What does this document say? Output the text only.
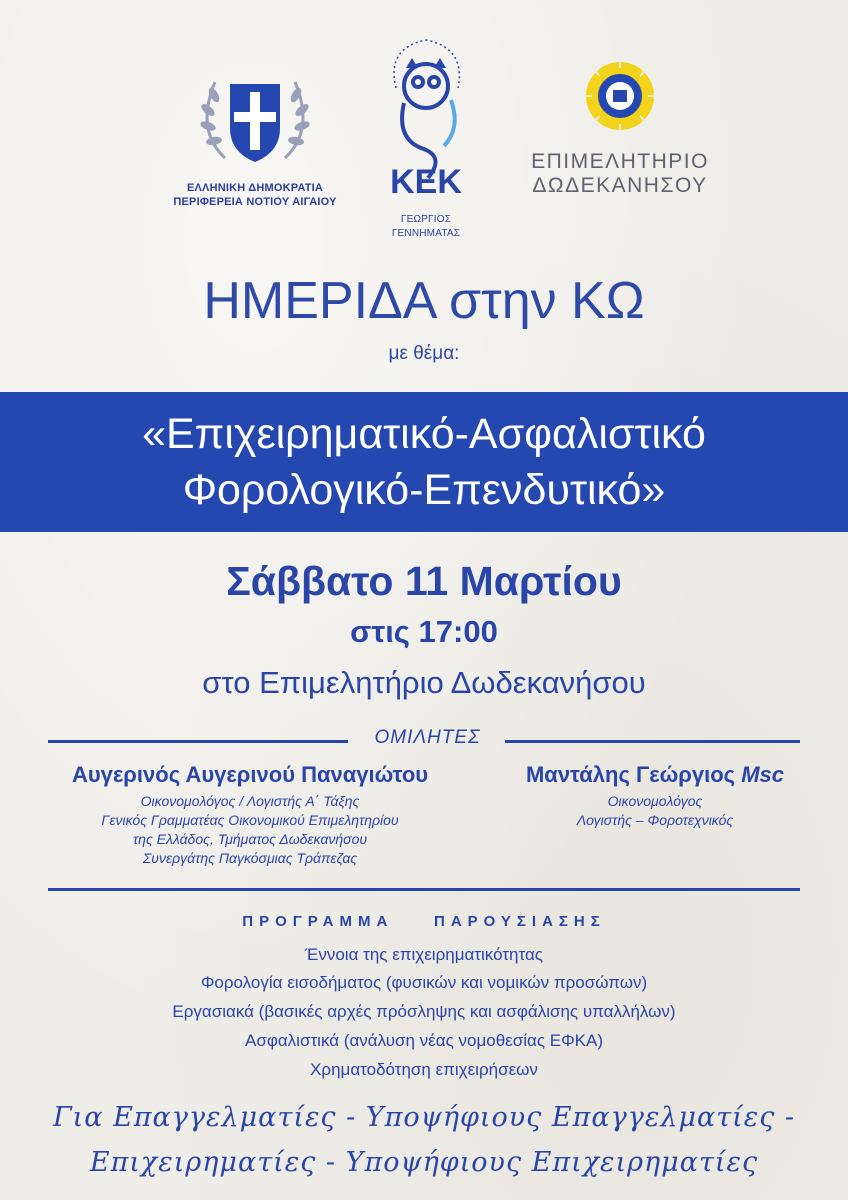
ΕΛΛΗΝΙΚΗ ΔΗΜΟΚΡΑΤΙΑ
ΠΕΡΙΦΕΡΕΙΑ ΝΟΤΙΟΥ ΑΙΓΑΙΟΥ
ΚΕΚ
ΓΕΩΡΓΙΟΣ ΓΕΝΝΗΜΑΤΑΣ
ΕΠΙΜΕΛΗΤΗΡΙΟ
ΔΩΔΕΚΑΝΗΣΟΥ
ΗΜΕΡΙΔΑ στην ΚΩ
με θέμα:
«Επιχειρηματικό-Ασφαλιστικό
Φορολογικό-Επενδυτικό»
Σάββατο 11 Μαρτίου
στις 17:00
στο Επιμελητήριο Δωδεκανήσου
ΟΜΙΛΗΤΕΣ
Αυγερινός Αυγερινού Παναγιώτου
Οικονομολόγος / Λογιστής Α΄ Τάξης
Γενικός Γραμματέας Οικονομικού Επιμελητηρίου
της Ελλάδος, Τμήματος Δωδεκανήσου
Συνεργάτης Παγκόσμιας Τράπεζας
Μαντάλης Γεώργιος Msc
Οικονομολόγος
Λογιστής – Φοροτεχνικός
ΠΡΟΓΡΑΜΜΑ    ΠΑΡΟΥΣΙΑΣΗΣ
Έννοια της επιχειρηματικότητας
Φορολογία εισοδήματος (φυσικών και νομικών προσώπων)
Εργασιακά (βασικές αρχές πρόσληψης και ασφάλισης υπαλλήλων)
Ασφαλιστικά (ανάλυση νέας νομοθεσίας ΕΦΚΑ)
Χρηματοδότηση επιχειρήσεων
Για Επαγγελματίες - Υποψήφιους Επαγγελματίες -
Επιχειρηματίες - Υποψήφιους Επιχειρηματίες
